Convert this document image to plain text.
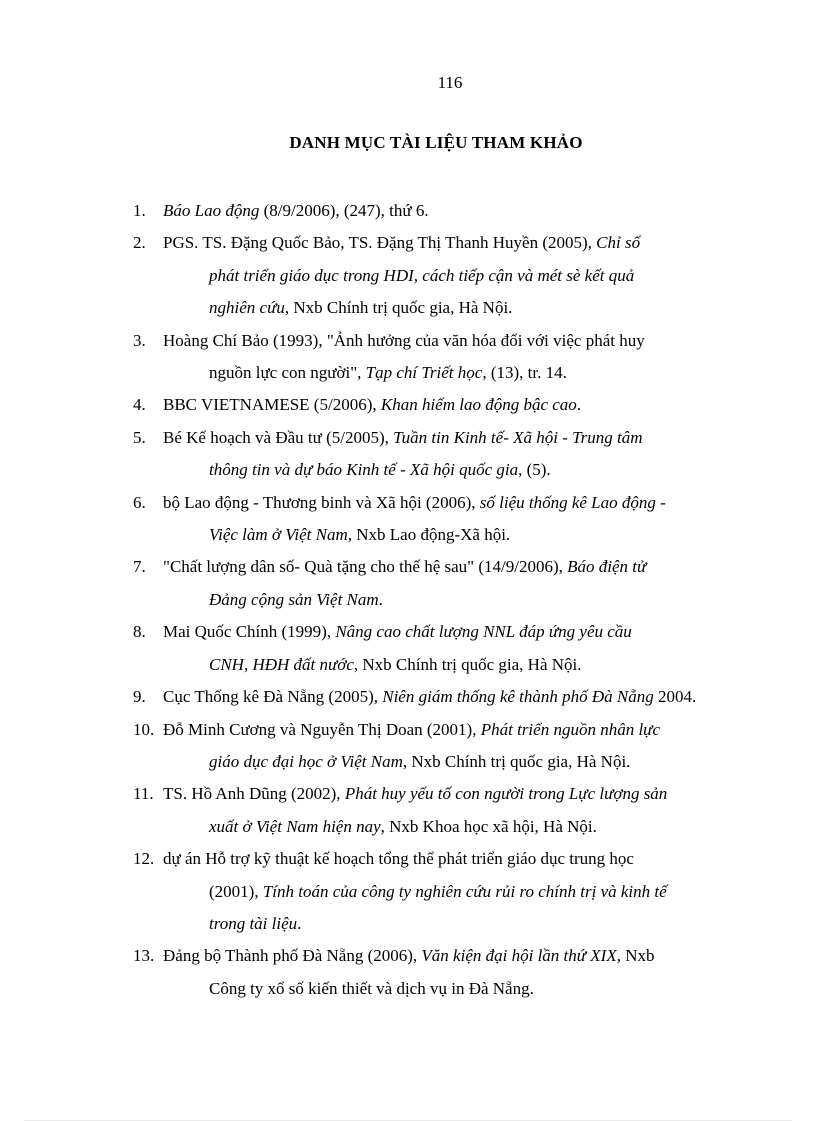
116
DANH MỤC TÀI LIỆU THAM KHẢO
1. Báo Lao động (8/9/2006), (247), thứ 6.
2. PGS. TS. Đặng Quốc Bảo, TS. Đặng Thị Thanh Huyền (2005), Chỉ số
phát triển giáo dục trong HDI, cách tiếp cận và mét sè kết quả
nghiên cứu, Nxb Chính trị quốc gia, Hà Nội.
3. Hoàng Chí Bảo (1993), "Ảnh hưởng của văn hóa đối với việc phát huy
nguồn lực con người", Tạp chí Triết học, (13), tr. 14.
4. BBC VIETNAMESE (5/2006), Khan hiếm lao động bậc cao.
5. Bé Kế hoạch và Đầu tư (5/2005), Tuần tin Kinh tế- Xã hội - Trung tâm
thông tin và dự báo Kinh tế - Xã hội quốc gia, (5).
6. bộ Lao động - Thương binh và Xã hội (2006), số liệu thống kê Lao động -
Việc làm ở Việt Nam, Nxb Lao động-Xã hội.
7. "Chất lượng dân số- Quà tặng cho thế hệ sau" (14/9/2006), Báo điện tử
Đảng cộng sản Việt Nam.
8. Mai Quốc Chính (1999), Nâng cao chất lượng NNL đáp ứng yêu cầu
CNH, HĐH đất nước, Nxb Chính trị quốc gia, Hà Nội.
9. Cục Thống kê Đà Nẵng (2005), Niên giám thống kê thành phố Đà Nẵng 2004.
10. Đỗ Minh Cương và Nguyễn Thị Doan (2001), Phát triển nguồn nhân lực
giáo dục đại học ở Việt Nam, Nxb Chính trị quốc gia, Hà Nội.
11. TS. Hồ Anh Dũng (2002), Phát huy yếu tố con người trong Lực lượng sản
xuất ở Việt Nam hiện nay, Nxb Khoa học xã hội, Hà Nội.
12. dự án Hỗ trợ kỹ thuật kế hoạch tổng thể phát triển giáo dục trung học
(2001), Tính toán của công ty nghiên cứu rủi ro chính trị và kinh tế
trong tài liệu.
13. Đảng bộ Thành phố Đà Nẵng (2006), Văn kiện đại hội lần thứ XIX, Nxb
Công ty xổ số kiến thiết và dịch vụ in Đà Nẵng.
